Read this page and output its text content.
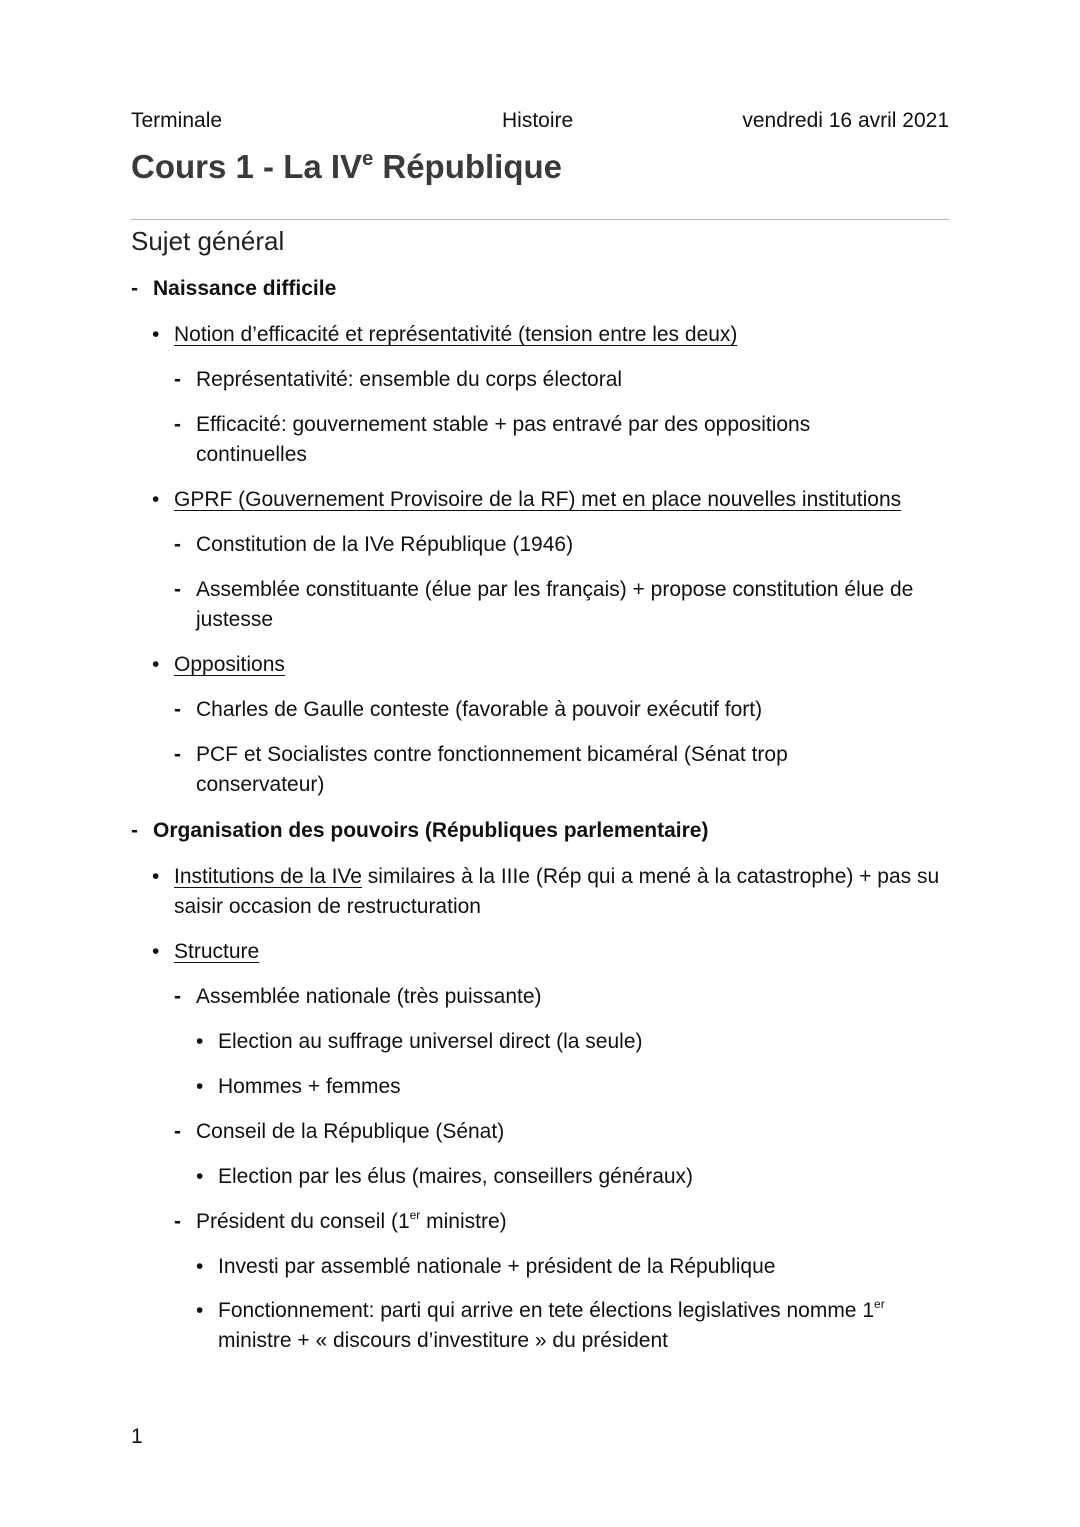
Terminale	Histoire	vendredi 16 avril 2021
Cours 1 - La IVe République
Sujet général
- Naissance difficile
• Notion d’efficacité et représentativité (tension entre les deux)
- Représentativité: ensemble du corps électoral
- Efficacité: gouvernement stable + pas entravé par des oppositions continuelles
• GPRF (Gouvernement Provisoire de la RF) met en place nouvelles institutions
- Constitution de la IVe République (1946)
- Assemblée constituante (élue par les français) + propose constitution élue de justesse
• Oppositions
- Charles de Gaulle conteste (favorable à pouvoir exécutif fort)
- PCF et Socialistes contre fonctionnement bicaméral (Sénat trop conservateur)
- Organisation des pouvoirs (Républiques parlementaire)
• Institutions de la IVe similaires à la IIIe (Rép qui a mené à la catastrophe) + pas su saisir occasion de restructuration
• Structure
- Assemblée nationale (très puissante)
• Election au suffrage universel direct (la seule)
• Hommes + femmes
- Conseil de la République (Sénat)
• Election par les élus (maires, conseillers généraux)
- Président du conseil (1er ministre)
• Investi par assemblé nationale + président de la République
• Fonctionnement: parti qui arrive en tete élections legislatives nomme 1er ministre + « discours d’investiture » du président
1
